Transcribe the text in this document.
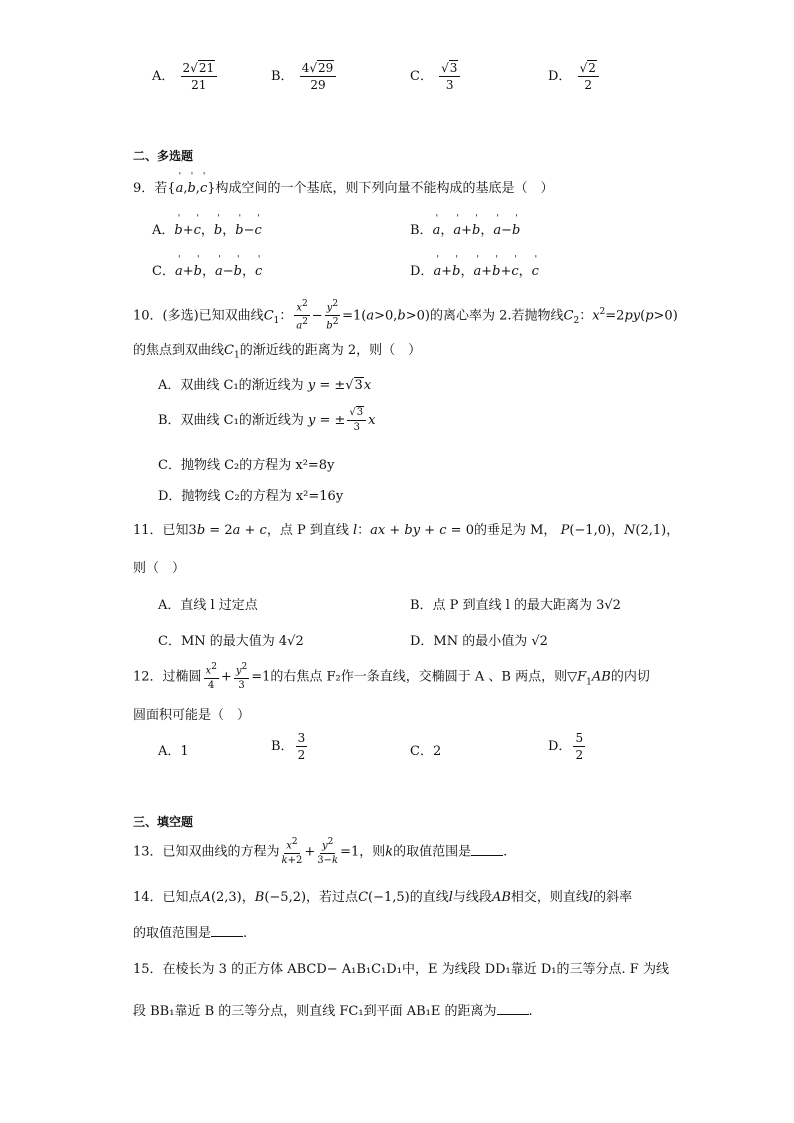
A． $\frac{2√21}{21}$	B． $\frac{4√29}{29}$	C． $\frac{√3}{3}$	D． $\frac{√2}{2}$
二、多选题
9．若{' a,' b,' c}构成空间的一个基底，则下列向量不能构成的基底是（　）
A．' b+' c，' b，' b−' c	B．' a，' a+' b，' a−' b
C．' a+' b，' a−' b，' c	D．' a+' b，' a+' b+' c，' c
10．(多选)已知双曲线$C_1$： $\frac{x^2}{a^2} - \frac{y^2}{b^2} =1(a>0,b>0)$的离心率为 2.若抛物线$C_2$：$x^2=2py(p>0)$
的焦点到双曲线$C_1$的渐近线的距离为 2，则（　）
A．双曲线 C₁的渐近线为 y = ±√3x
B．双曲线 C₁的渐近线为 y = ± $\frac{√3}{3}$ x
C．抛物线 C₂的方程为 x²=8y
D．抛物线 C₂的方程为 x²=16y
11．已知3b = 2a + c，点 P 到直线 l：ax + by + c = 0的垂足为 M， P(−1,0)，N(2,1)，
则（　）
A．直线 l 过定点	B．点 P 到直线 l 的最大距离为 3√2
C．MN 的最大值为 4√2	D．MN 的最小值为 √2
12．过椭圆 $\frac{x^2}{4} + \frac{y^2}{3} =1$的右焦点 F₂作一条直线，交椭圆于 A 、B 两点，则$▽F_1AB$的内切
圆面积可能是（　）
A．1	B． $\frac{3}{2}$	C．2	D． $\frac{5}{2}$
三、填空题
13．已知双曲线的方程为 $\frac{x^2}{k+2} + \frac{y^2}{3-k} =1$，则k的取值范围是 .
14．已知点A(2,3)，B(−5,2)，若过点C(−1,5)的直线l与线段AB相交，则直线l的斜率
的取值范围是 .
15．在棱长为 3 的正方体 ABCD− A₁B₁C₁D₁中，E 为线段 DD₁靠近 D₁的三等分点. F 为线
段 BB₁靠近 B 的三等分点，则直线 FC₁到平面 AB₁E 的距离为 .
